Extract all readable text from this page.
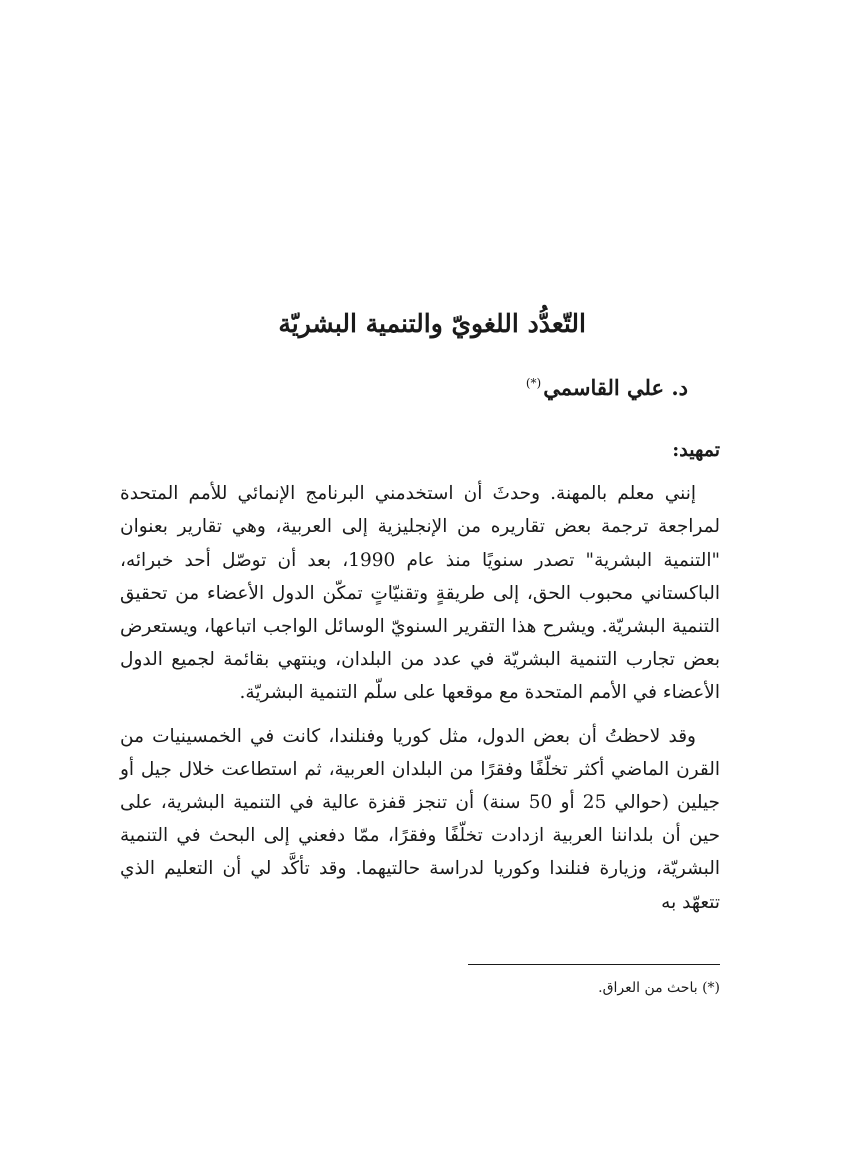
التّعدُّد اللغويّ والتنمية البشريّة

د. علي القاسمي(*)

تمهيد:

إنني معلم بالمهنة. وحدثَ أن استخدمني البرنامج الإنمائي للأمم المتحدة لمراجعة ترجمة بعض تقاريره من الإنجليزية إلى العربية، وهي تقارير بعنوان "التنمية البشرية" تصدر سنويًا منذ عام 1990، بعد أن توصّل أحد خبرائه، الباكستاني محبوب الحق، إلى طريقةٍ وتقنيّاتٍ تمكّن الدول الأعضاء من تحقيق التنمية البشريّة. ويشرح هذا التقرير السنويّ الوسائل الواجب اتباعها، ويستعرض بعض تجارب التنمية البشريّة في عدد من البلدان، وينتهي بقائمة لجميع الدول الأعضاء في الأمم المتحدة مع موقعها على سلّم التنمية البشريّة.

وقد لاحظتُ أن بعض الدول، مثل كوريا وفنلندا، كانت في الخمسينيات من القرن الماضي أكثر تخلّفًا وفقرًا من البلدان العربية، ثم استطاعت خلال جيل أو جيلين (حوالي 25 أو 50 سنة) أن تنجز قفزة عالية في التنمية البشرية، على حين أن بلداننا العربية ازدادت تخلّفًا وفقرًا، ممّا دفعني إلى البحث في التنمية البشريّة، وزيارة فنلندا وكوريا لدراسة حالتيهما. وقد تأكَّد لي أن التعليم الذي تتعهّد به

(*) باحث من العراق.
